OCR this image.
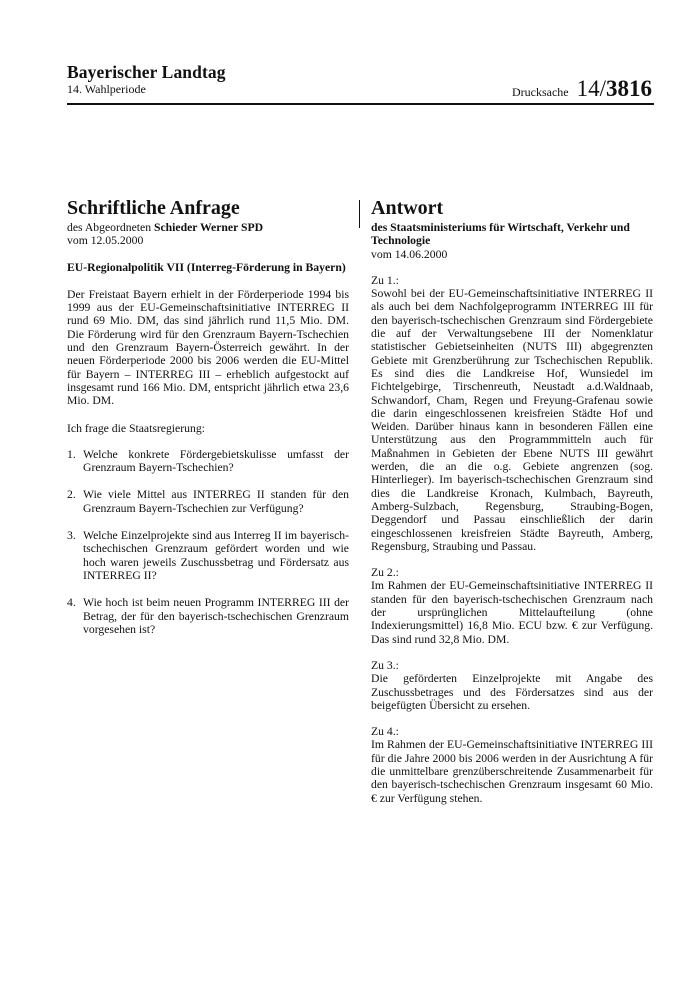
Bayerischer Landtag
14. Wahlperiode	Drucksache 14/3816
Schriftliche Anfrage
des Abgeordneten Schieder Werner SPD
vom 12.05.2000
EU-Regionalpolitik VII (Interreg-Förderung in Bayern)
Der Freistaat Bayern erhielt in der Förderperiode 1994 bis 1999 aus der EU-Gemeinschaftsinitiative INTERREG II rund 69 Mio. DM, das sind jährlich rund 11,5 Mio. DM. Die Förderung wird für den Grenzraum Bayern-Tschechien und den Grenzraum Bayern-Österreich gewährt. In der neuen Förderperiode 2000 bis 2006 werden die EU-Mittel für Bayern – INTERREG III – erheblich aufgestockt auf insgesamt rund 166 Mio. DM, entspricht jährlich etwa 23,6 Mio. DM.
Ich frage die Staatsregierung:
1. Welche konkrete Fördergebietskulisse umfasst der Grenzraum Bayern-Tschechien?
2. Wie viele Mittel aus INTERREG II standen für den Grenzraum Bayern-Tschechien zur Verfügung?
3. Welche Einzelprojekte sind aus Interreg II im bayerisch-tschechischen Grenzraum gefördert worden und wie hoch waren jeweils Zuschussbetrag und Fördersatz aus INTERREG II?
4. Wie hoch ist beim neuen Programm INTERREG III der Betrag, der für den bayerisch-tschechischen Grenzraum vorgesehen ist?
Antwort
des Staatsministeriums für Wirtschaft, Verkehr und Technologie
vom 14.06.2000
Zu 1.:
Sowohl bei der EU-Gemeinschaftsinitiative INTERREG II als auch bei dem Nachfolgeprogramm INTERREG III für den bayerisch-tschechischen Grenzraum sind Fördergebiete die auf der Verwaltungsebene III der Nomenklatur statistischer Gebietseinheiten (NUTS III) abgegrenzten Gebiete mit Grenzberührung zur Tschechischen Republik. Es sind dies die Landkreise Hof, Wunsiedel im Fichtelgebirge, Tirschenreuth, Neustadt a.d.Waldnaab, Schwandorf, Cham, Regen und Freyung-Grafenau sowie die darin eingeschlossenen kreisfreien Städte Hof und Weiden. Darüber hinaus kann in besonderen Fällen eine Unterstützung aus den Programmmitteln auch für Maßnahmen in Gebieten der Ebene NUTS III gewährt werden, die an die o.g. Gebiete angrenzen (sog. Hinterlieger). Im bayerisch-tschechischen Grenzraum sind dies die Landkreise Kronach, Kulmbach, Bayreuth, Amberg-Sulzbach, Regensburg, Straubing-Bogen, Deggendorf und Passau einschließlich der darin eingeschlossenen kreisfreien Städte Bayreuth, Amberg, Regensburg, Straubing und Passau.
Zu 2.:
Im Rahmen der EU-Gemeinschaftsinitiative INTERREG II standen für den bayerisch-tschechischen Grenzraum nach der ursprünglichen Mittelaufteilung (ohne Indexierungsmittel) 16,8 Mio. ECU bzw. € zur Verfügung. Das sind rund 32,8 Mio. DM.
Zu 3.:
Die geförderten Einzelprojekte mit Angabe des Zuschussbetrages und des Fördersatzes sind aus der beigefügten Übersicht zu ersehen.
Zu 4.:
Im Rahmen der EU-Gemeinschaftsinitiative INTERREG III für die Jahre 2000 bis 2006 werden in der Ausrichtung A für die unmittelbare grenzüberschreitende Zusammenarbeit für den bayerisch-tschechischen Grenzraum insgesamt 60 Mio. € zur Verfügung stehen.
